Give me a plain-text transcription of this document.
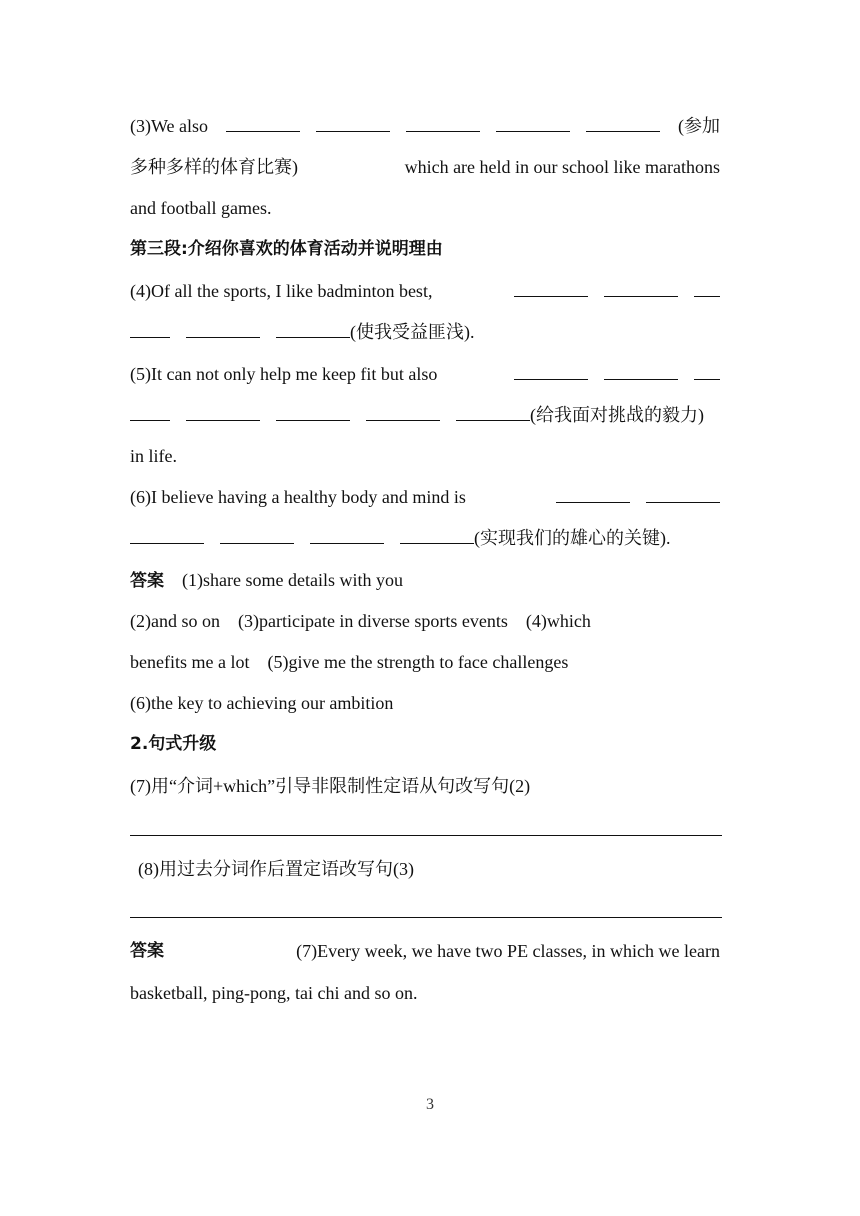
(3)We also	(参加
多种多样的体育比赛)	which are held in our school like marathons
and football games.
第三段:介绍你喜欢的体育活动并说明理由
(4)Of all the sports, I like badminton best,
(使我受益匪浅).
(5)It can not only help me keep fit but also
(给我面对挑战的毅力)
in life.
(6)I believe having a healthy body and mind is
(实现我们的雄心的关键).
答案 (1)share some details with you
(2)and so on (3)participate in diverse sports events (4)which
benefits me a lot (5)give me the strength to face challenges
(6)the key to achieving our ambition
2.句式升级
(7)用“介词+which”引导非限制性定语从句改写句(2)
(8)用过去分词作后置定语改写句(3)
答案	(7)Every week, we have two PE classes, in which we learn
basketball, ping-pong, tai chi and so on.
3
